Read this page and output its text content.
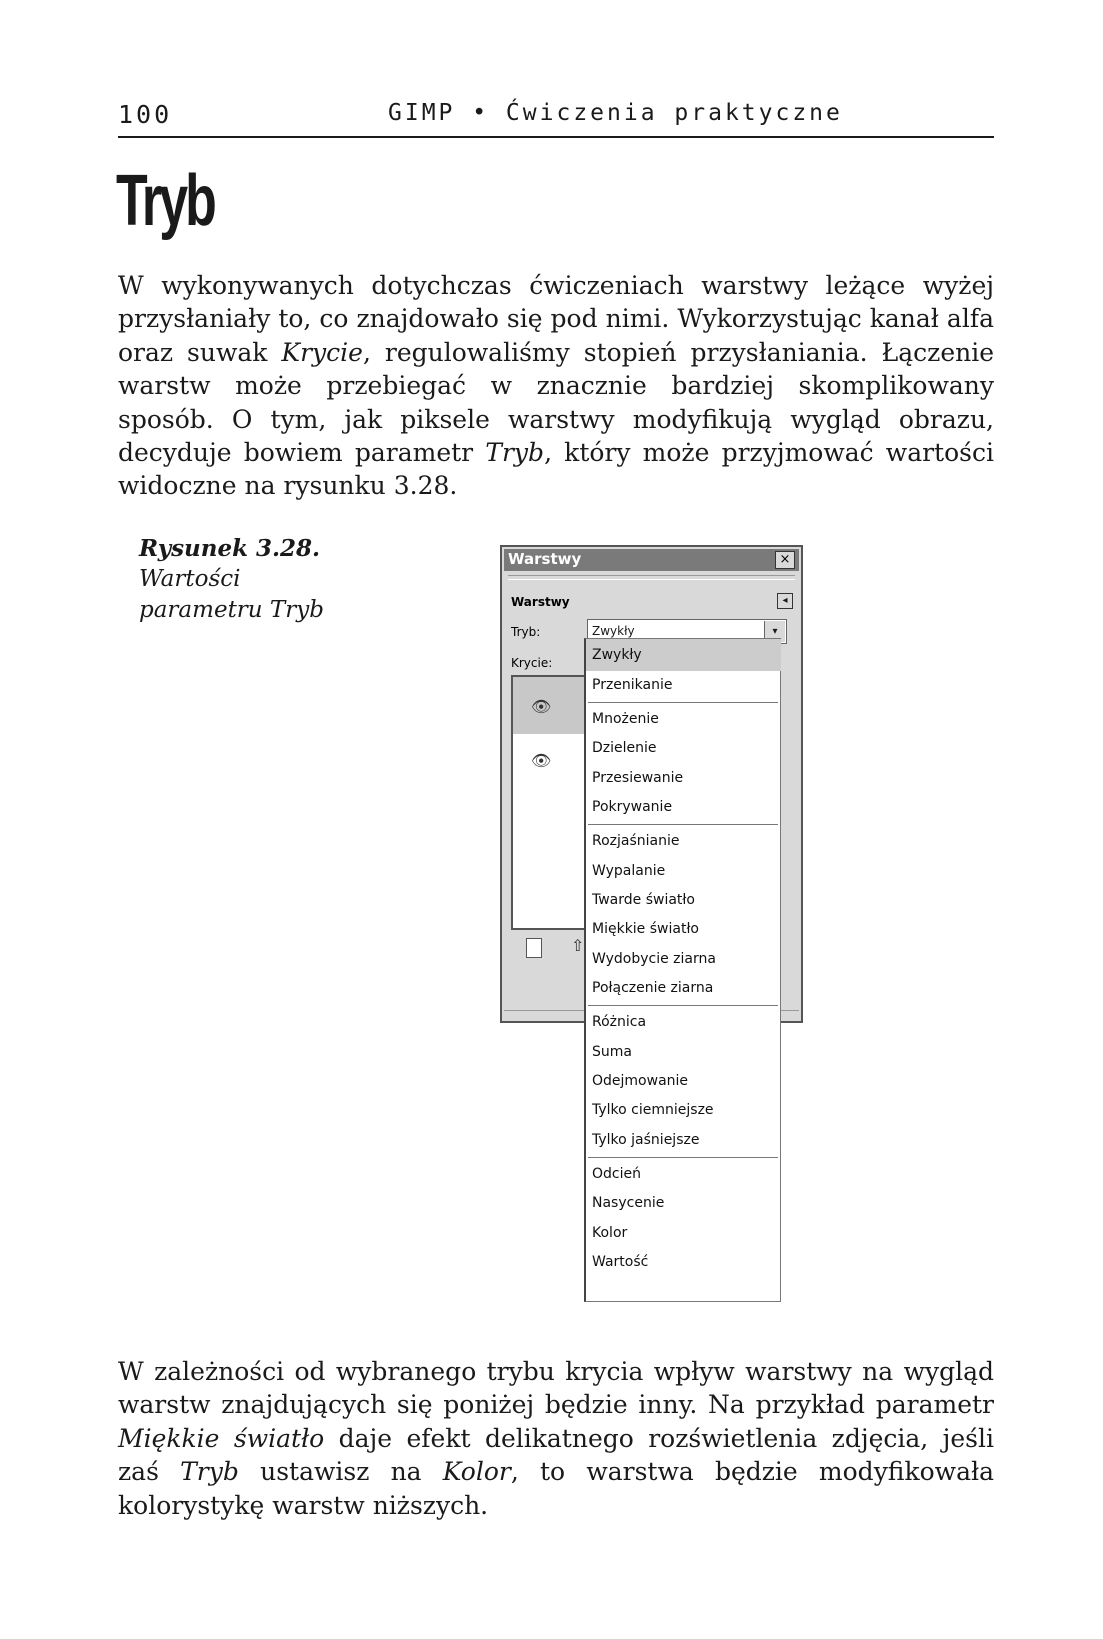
100	GIMP • Ćwiczenia praktyczne
Tryb

W wykonywanych dotychczas ćwiczeniach warstwy leżące wyżej przysłaniały to, co znajdowało się pod nimi. Wykorzystując kanał alfa oraz suwak Krycie, regulowaliśmy stopień przysłaniania. Łączenie warstw może przebiegać w znacznie bardziej skomplikowany sposób. O tym, jak piksele warstwy modyfikują wygląd obrazu, decyduje bowiem parametr Tryb, który może przyjmować wartości widoczne na rysunku 3.28.

Rysunek 3.28.
Wartości
parametru Tryb
Warstwy	×
Warstwy	◂
Tryb:	Zwykły	▾
Krycie:
👁
👁
⇧
Zwykły
Przenikanie
Mnożenie
Dzielenie
Przesiewanie
Pokrywanie
Rozjaśnianie
Wypalanie
Twarde światło
Miękkie światło
Wydobycie ziarna
Połączenie ziarna
Różnica
Suma
Odejmowanie
Tylko ciemniejsze
Tylko jaśniejsze
Odcień
Nasycenie
Kolor
Wartość

W zależności od wybranego trybu krycia wpływ warstwy na wygląd warstw znajdujących się poniżej będzie inny. Na przykład parametr Miękkie światło daje efekt delikatnego rozświetlenia zdjęcia, jeśli zaś Tryb ustawisz na Kolor, to warstwa będzie modyfikowała kolorystykę warstw niższych.
